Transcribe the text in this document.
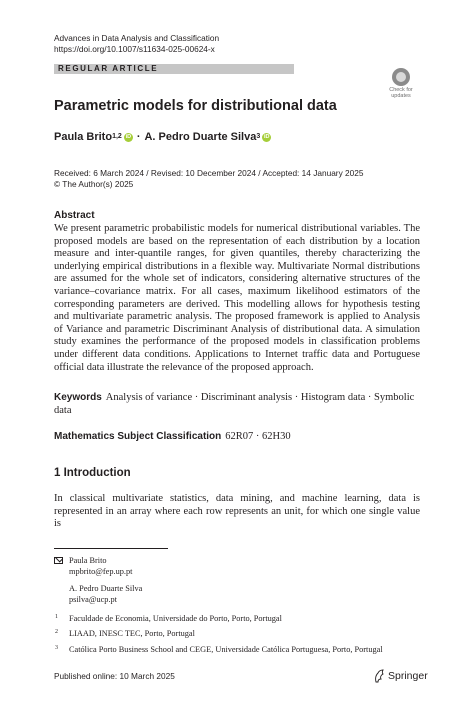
Advances in Data Analysis and Classification
https://doi.org/10.1007/s11634-025-00624-x
REGULAR ARTICLE
Check for
updates
Parametric models for distributional data
Paula Brito 1,2 iD · A. Pedro Duarte Silva 3 iD
Received: 6 March 2024 / Revised: 10 December 2024 / Accepted: 14 January 2025
© The Author(s) 2025
Abstract
We present parametric probabilistic models for numerical distributional variables. The proposed models are based on the representation of each distribution by a location measure and inter-quantile ranges, for given quantiles, thereby characterizing the underlying empirical distributions in a flexible way. Multivariate Normal distributions are assumed for the whole set of indicators, considering alternative structures of the variance–covariance matrix. For all cases, maximum likelihood estimators of the corresponding parameters are derived. This modelling allows for hypothesis testing and multivariate parametric analysis. The proposed framework is applied to Analysis of Variance and parametric Discriminant Analysis of distributional data. A simulation study examines the performance of the proposed models in classification problems under different data conditions. Applications to Internet traffic data and Portuguese official data illustrate the relevance of the proposed approach.
Keywords Analysis of variance · Discriminant analysis · Histogram data · Symbolic data
Mathematics Subject Classification 62R07 · 62H30
1 Introduction
In classical multivariate statistics, data mining, and machine learning, data is represented in an array where each row represents an unit, for which one single value is
Paula Brito
mpbrito@fep.up.pt
A. Pedro Duarte Silva
psilva@ucp.pt
1 Faculdade de Economia, Universidade do Porto, Porto, Portugal
2 LIAAD, INESC TEC, Porto, Portugal
3 Católica Porto Business School and CEGE, Universidade Católica Portuguesa, Porto, Portugal
Published online: 10 March 2025	Springer
